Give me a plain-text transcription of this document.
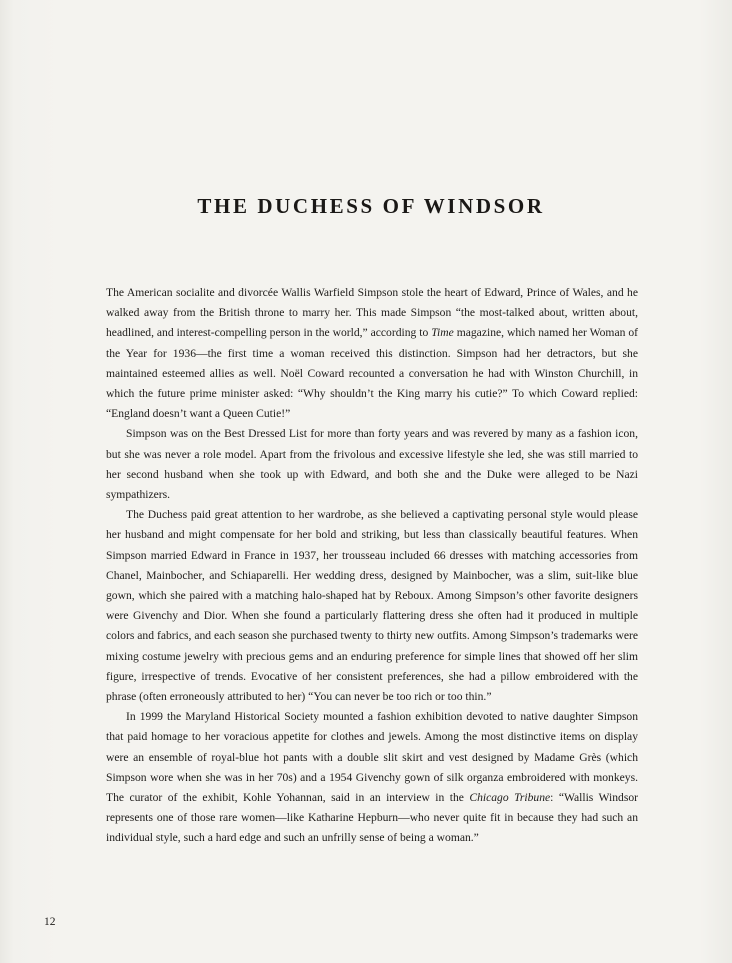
THE DUCHESS OF WINDSOR

The American socialite and divorcée Wallis Warfield Simpson stole the heart of Edward, Prince of Wales, and he walked away from the British throne to marry her. This made Simpson “the most-talked about, written about, headlined, and interest-compelling person in the world,” according to Time magazine, which named her Woman of the Year for 1936—the first time a woman received this distinction. Simpson had her detractors, but she maintained esteemed allies as well. Noël Coward recounted a conversation he had with Winston Churchill, in which the future prime minister asked: “Why shouldn’t the King marry his cutie?” To which Coward replied: “England doesn’t want a Queen Cutie!”

Simpson was on the Best Dressed List for more than forty years and was revered by many as a fashion icon, but she was never a role model. Apart from the frivolous and excessive lifestyle she led, she was still married to her second husband when she took up with Edward, and both she and the Duke were alleged to be Nazi sympathizers.

The Duchess paid great attention to her wardrobe, as she believed a captivating personal style would please her husband and might compensate for her bold and striking, but less than classically beautiful features. When Simpson married Edward in France in 1937, her trousseau included 66 dresses with matching accessories from Chanel, Mainbocher, and Schiaparelli. Her wedding dress, designed by Mainbocher, was a slim, suit-like blue gown, which she paired with a matching halo-shaped hat by Reboux. Among Simpson’s other favorite designers were Givenchy and Dior. When she found a particularly flattering dress she often had it produced in multiple colors and fabrics, and each season she purchased twenty to thirty new outfits. Among Simpson’s trademarks were mixing costume jewelry with precious gems and an enduring preference for simple lines that showed off her slim figure, irrespective of trends. Evocative of her consistent preferences, she had a pillow embroidered with the phrase (often erroneously attributed to her) “You can never be too rich or too thin.”

In 1999 the Maryland Historical Society mounted a fashion exhibition devoted to native daughter Simpson that paid homage to her voracious appetite for clothes and jewels. Among the most distinctive items on display were an ensemble of royal-blue hot pants with a double slit skirt and vest designed by Madame Grès (which Simpson wore when she was in her 70s) and a 1954 Givenchy gown of silk organza embroidered with monkeys. The curator of the exhibit, Kohle Yohannan, said in an interview in the Chicago Tribune: “Wallis Windsor represents one of those rare women—like Katharine Hepburn—who never quite fit in because they had such an individual style, such a hard edge and such an unfrilly sense of being a woman.”

12
